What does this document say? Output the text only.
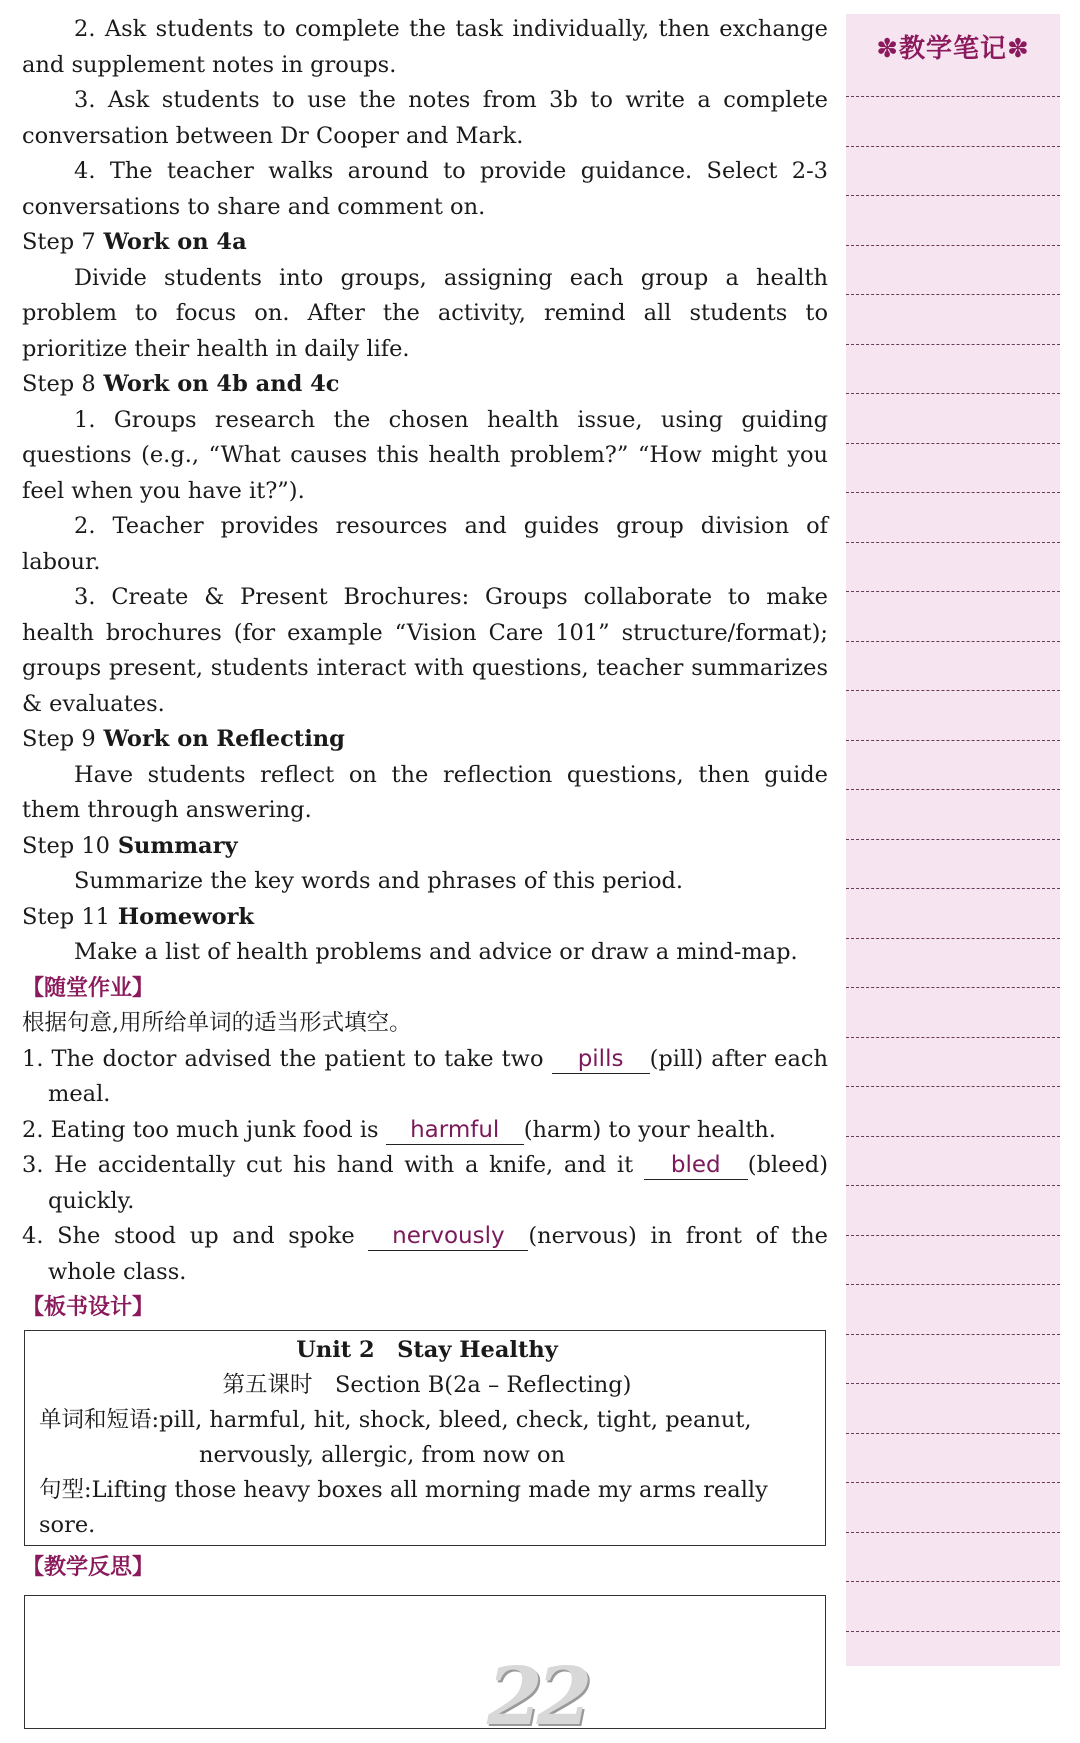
2. Ask students to complete the task individually, then exchange and supplement notes in groups.

3. Ask students to use the notes from 3b to write a complete conversation between Dr Cooper and Mark.

4. The teacher walks around to provide guidance. Select 2-3 conversations to share and comment on.

Step 7 Work on 4a

Divide students into groups, assigning each group a health problem to focus on. After the activity, remind all students to prioritize their health in daily life.

Step 8 Work on 4b and 4c

1. Groups research the chosen health issue, using guiding questions (e.g., “What causes this health problem?” “How might you feel when you have it?”).

2. Teacher provides resources and guides group division of labour.

3. Create & Present Brochures: Groups collaborate to make health brochures (for example “Vision Care 101” structure/format); groups present, students interact with questions, teacher summarizes & evaluates.

Step 9 Work on Reflecting

Have students reflect on the reflection questions, then guide them through answering.

Step 10 Summary

Summarize the key words and phrases of this period.

Step 11 Homework

Make a list of health problems and advice or draw a mind-map.

【随堂作业】

根据句意,用所给单词的适当形式填空。

1. The doctor advised the patient to take two pills (pill) after each meal.

2. Eating too much junk food is harmful (harm) to your health.

3. He accidentally cut his hand with a knife, and it bled (bleed) quickly.

4. She stood up and spoke nervously (nervous) in front of the whole class.

【板书设计】

Unit 2 Stay Healthy
第五课时 Section B(2a – Reflecting)
单词和短语:pill, harmful, hit, shock, bleed, check, tight, peanut,
nervously, allergic, from now on
句型:Lifting those heavy boxes all morning made my arms really sore.

【教学反思】

22
✽教学笔记✽
